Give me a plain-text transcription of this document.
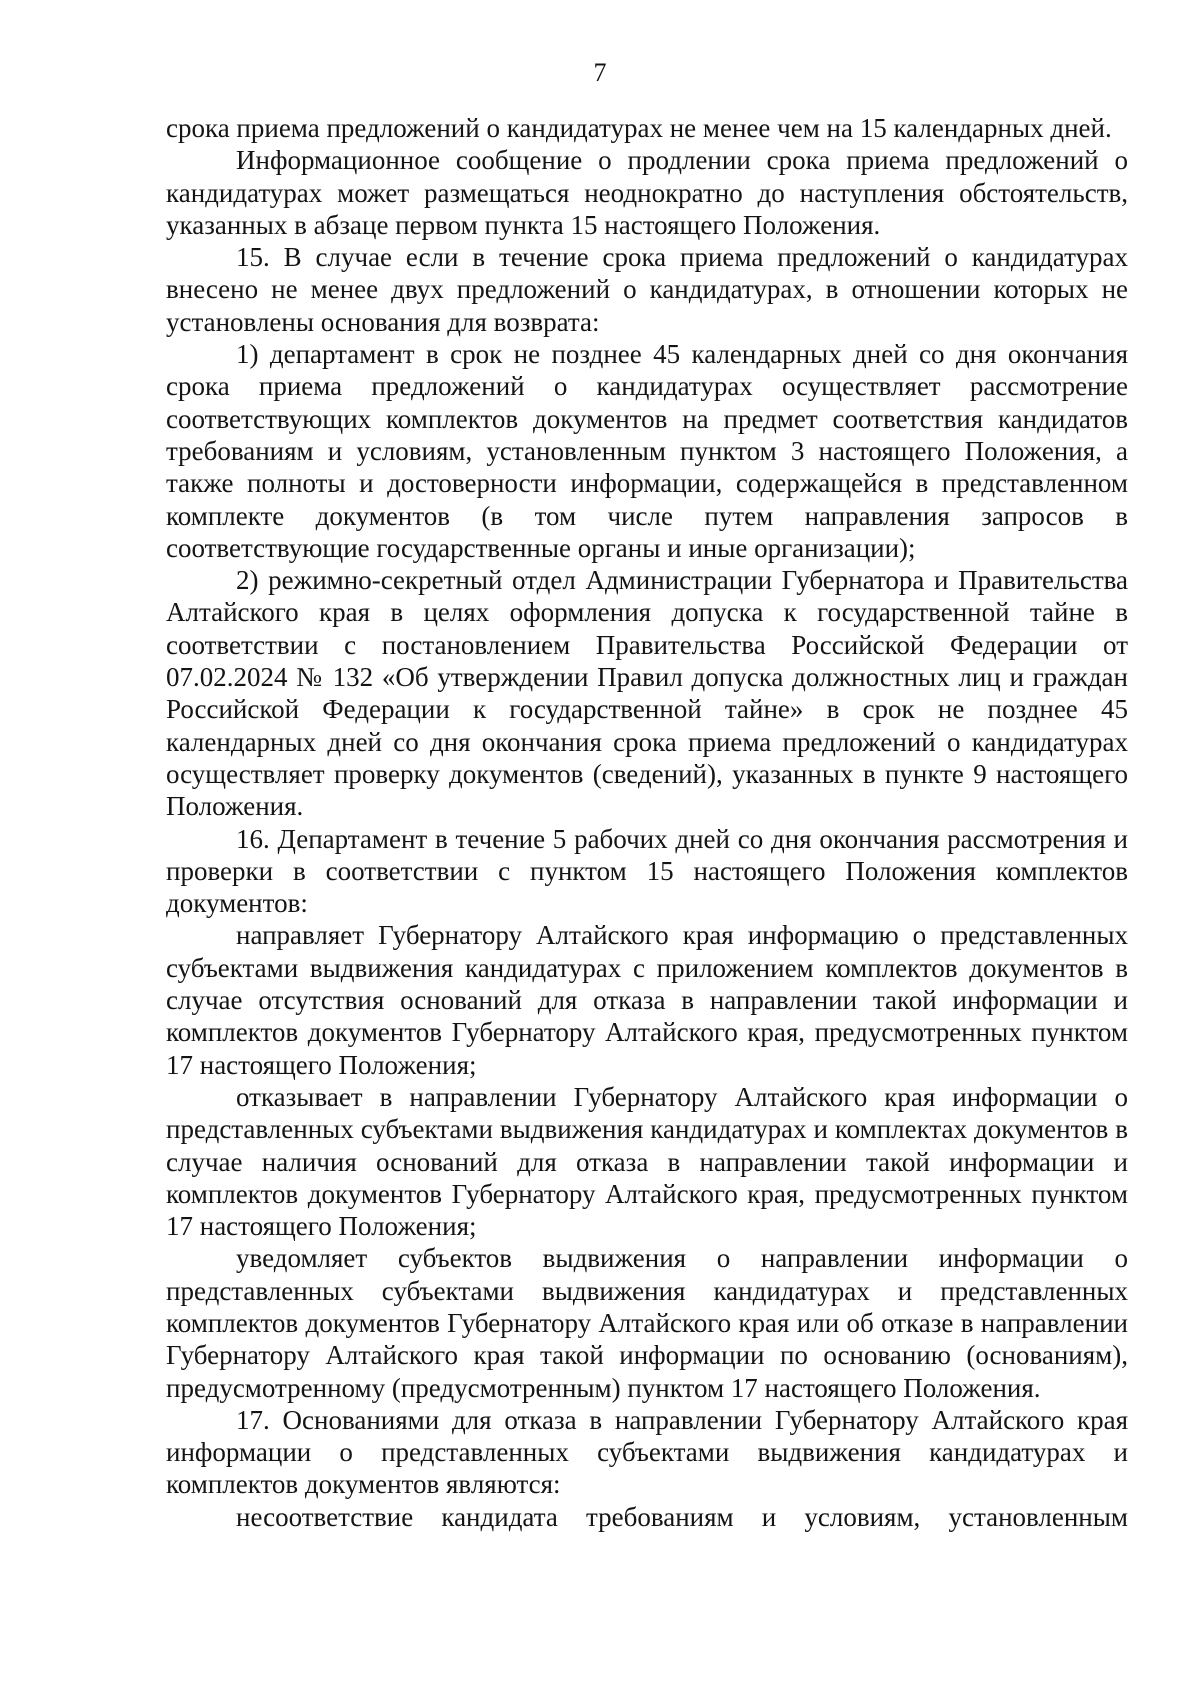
7

срока приема предложений о кандидатурах не менее чем на 15 календарных дней.

Информационное сообщение о продлении срока приема предложений о кандидатурах может размещаться неоднократно до наступления обстоятельств, указанных в абзаце первом пункта 15 настоящего Положения.

15. В случае если в течение срока приема предложений о кандидатурах внесено не менее двух предложений о кандидатурах, в отношении которых не установлены основания для возврата:

1) департамент в срок не позднее 45 календарных дней со дня окончания срока приема предложений о кандидатурах осуществляет рассмотрение соответствующих комплектов документов на предмет соответствия кандидатов требованиям и условиям, установленным пунктом 3 настоящего Положения, а также полноты и достоверности информации, содержащейся в представленном комплекте документов (в том числе путем направления запросов в соответствующие государственные органы и иные организации);

2) режимно-секретный отдел Администрации Губернатора и Правительства Алтайского края в целях оформления допуска к государственной тайне в соответствии с постановлением Правительства Российской Федерации от 07.02.2024 № 132 «Об утверждении Правил допуска должностных лиц и граждан Российской Федерации к государственной тайне» в срок не позднее 45 календарных дней со дня окончания срока приема предложений о кандидатурах осуществляет проверку документов (сведений), указанных в пункте 9 настоящего Положения.

16. Департамент в течение 5 рабочих дней со дня окончания рассмотрения и проверки в соответствии с пунктом 15 настоящего Положения комплектов документов:

направляет Губернатору Алтайского края информацию о представленных субъектами выдвижения кандидатурах с приложением комплектов документов в случае отсутствия оснований для отказа в направлении такой информации и комплектов документов Губернатору Алтайского края, предусмотренных пунктом 17 настоящего Положения;

отказывает в направлении Губернатору Алтайского края информации о представленных субъектами выдвижения кандидатурах и комплектах документов в случае наличия оснований для отказа в направлении такой информации и комплектов документов Губернатору Алтайского края, предусмотренных пунктом 17 настоящего Положения;

уведомляет субъектов выдвижения о направлении информации о представленных субъектами выдвижения кандидатурах и представленных комплектов документов Губернатору Алтайского края или об отказе в направлении Губернатору Алтайского края такой информации по основанию (основаниям), предусмотренному (предусмотренным) пунктом 17 настоящего Положения.

17. Основаниями для отказа в направлении Губернатору Алтайского края информации о представленных субъектами выдвижения кандидатурах и комплектов документов являются:

несоответствие кандидата требованиям и условиям, установленным
